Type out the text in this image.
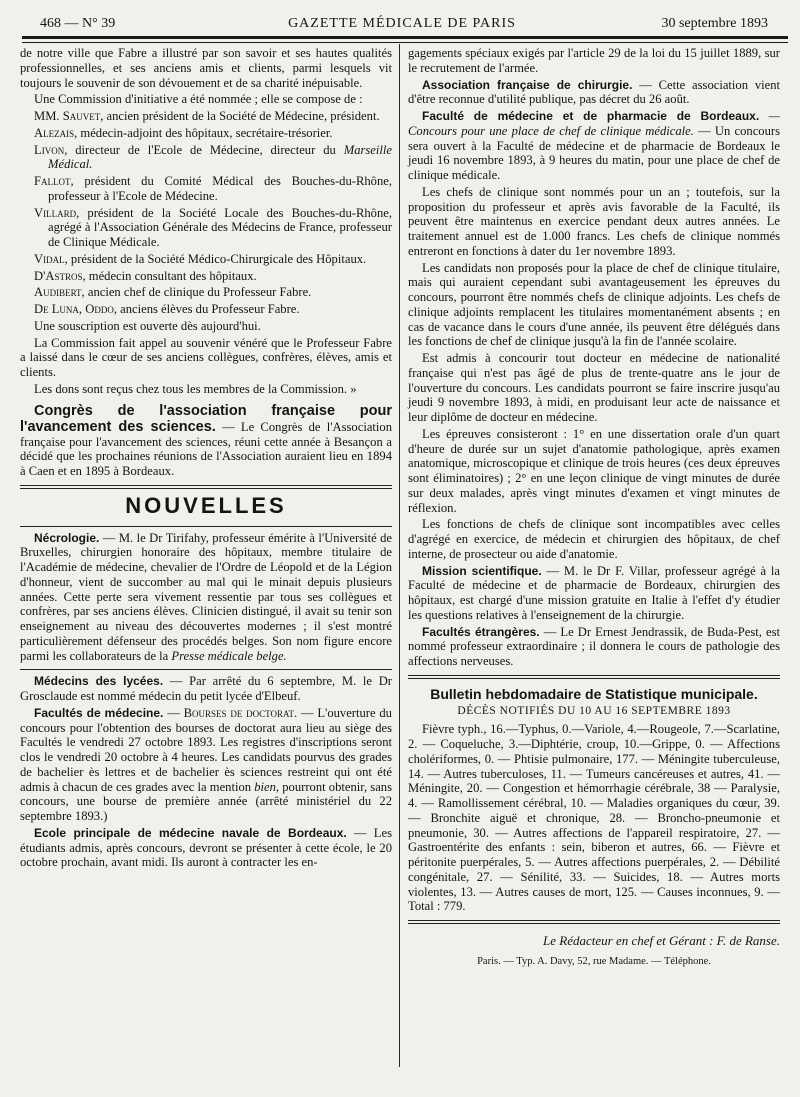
468 — N° 39	GAZETTE MÉDICALE DE PARIS	30 septembre 1893

de notre ville que Fabre a illustré par son savoir et ses hautes qualités professionnelles, et ses anciens amis et clients, parmi lesquels vit toujours le souvenir de son dévouement et de sa charité inépuisable.

Une Commission d'initiative a été nommée ; elle se compose de :

MM. Sauvet, ancien président de la Société de Médecine, président.

Alezais, médecin-adjoint des hôpitaux, secrétaire-trésorier.

Livon, directeur de l'Ecole de Médecine, directeur du Marseille Médical.

Fallot, président du Comité Médical des Bouches-du-Rhône, professeur à l'Ecole de Médecine.

Villard, président de la Société Locale des Bouches-du-Rhône, agrégé à l'Association Générale des Médecins de France, professeur de Clinique Médicale.

Vidal, président de la Société Médico-Chirurgicale des Hôpitaux.

D'Astros, médecin consultant des hôpitaux.

Audibert, ancien chef de clinique du Professeur Fabre.

De Luna, Oddo, anciens élèves du Professeur Fabre.

Une souscription est ouverte dès aujourd'hui.

La Commission fait appel au souvenir vénéré que le Professeur Fabre a laissé dans le cœur de ses anciens collègues, confrères, élèves, amis et clients.

Les dons sont reçus chez tous les membres de la Commission. »

Congrès de l'association française pour l'avancement des sciences. — Le Congrès de l'Association française pour l'avancement des sciences, réuni cette année à Besançon a décidé que les prochaines réunions de l'Association auraient lieu en 1894 à Caen et en 1895 à Bordeaux.

NOUVELLES

Nécrologie. — M. le Dr Tirifahy, professeur émérite à l'Université de Bruxelles, chirurgien honoraire des hôpitaux, membre titulaire de l'Académie de médecine, chevalier de l'Ordre de Léopold et de la Légion d'honneur, vient de succomber au mal qui le minait depuis plusieurs années. Cette perte sera vivement ressentie par tous ses collègues et confrères, par ses anciens élèves. Clinicien distingué, il avait su tenir son enseignement au niveau des découvertes modernes ; il s'est montré particulièrement défenseur des procédés belges. Son nom figure encore parmi les collaborateurs de la Presse médicale belge.

Médecins des lycées. — Par arrêté du 6 septembre, M. le Dr Grosclaude est nommé médecin du petit lycée d'Elbeuf.

Facultés de médecine. — Bourses de doctorat. — L'ouverture du concours pour l'obtention des bourses de doctorat aura lieu au siège des Facultés le vendredi 27 octobre 1893. Les registres d'inscriptions seront clos le vendredi 20 octobre à 4 heures. Les candidats pourvus des grades de bachelier ès lettres et de bachelier ès sciences restreint qui ont été admis à chacun de ces grades avec la mention bien, pourront obtenir, sans concours, une bourse de première année (arrêté ministériel du 22 septembre 1893.)

Ecole principale de médecine navale de Bordeaux. — Les étudiants admis, après concours, devront se présenter à cette école, le 20 octobre prochain, avant midi. Ils auront à contracter les en-

gagements spéciaux exigés par l'article 29 de la loi du 15 juillet 1889, sur le recrutement de l'armée.

Association française de chirurgie. — Cette association vient d'être reconnue d'utilité publique, pas décret du 26 août.

Faculté de médecine et de pharmacie de Bordeaux. — Concours pour une place de chef de clinique médicale. — Un concours sera ouvert à la Faculté de médecine et de pharmacie de Bordeaux le jeudi 16 novembre 1893, à 9 heures du matin, pour une place de chef de clinique médicale.

Les chefs de clinique sont nommés pour un an ; toutefois, sur la proposition du professeur et après avis favorable de la Faculté, ils peuvent être maintenus en exercice pendant deux autres années. Le traitement annuel est de 1.000 francs. Les chefs de clinique nommés entreront en fonctions à dater du 1er novembre 1893.

Les candidats non proposés pour la place de chef de clinique titulaire, mais qui auraient cependant subi avantageusement les épreuves du concours, pourront être nommés chefs de clinique adjoints. Les chefs de clinique adjoints remplacent les titulaires momentanément absents ; en cas de vacance dans le cours d'une année, ils peuvent être délégués dans les fonctions de chef de clinique jusqu'à la fin de l'année scolaire.

Est admis à concourir tout docteur en médecine de nationalité française qui n'est pas âgé de plus de trente-quatre ans le jour de l'ouverture du concours. Les candidats pourront se faire inscrire jusqu'au jeudi 9 novembre 1893, à midi, en produisant leur acte de naissance et leur diplôme de docteur en médecine.

Les épreuves consisteront : 1° en une dissertation orale d'un quart d'heure de durée sur un sujet d'anatomie pathologique, après examen anatomique, microscopique et clinique de trois heures (ces deux épreuves sont éliminatoires) ; 2° en une leçon clinique de vingt minutes de durée sur deux malades, après vingt minutes d'examen et vingt minutes de réflexion.

Les fonctions de chefs de clinique sont incompatibles avec celles d'agrégé en exercice, de médecin et chirurgien des hôpitaux, de chef interne, de prosecteur ou aide d'anatomie.

Mission scientifique. — M. le Dr F. Villar, professeur agrégé à la Faculté de médecine et de pharmacie de Bordeaux, chirurgien des hôpitaux, est chargé d'une mission gratuite en Italie à l'effet d'y étudier les questions relatives à l'enseignement de la chirurgie.

Facultés étrangères. — Le Dr Ernest Jendrassik, de Buda-Pest, est nommé professeur extraordinaire ; il donnera le cours de pathologie des affections nerveuses.

Bulletin hebdomadaire de Statistique municipale.
DÉCÈS NOTIFIÉS DU 10 AU 16 SEPTEMBRE 1893

Fièvre typh., 16.—Typhus, 0.—Variole, 4.—Rougeole, 7.—Scarlatine, 2. — Coqueluche, 3.—Diphtérie, croup, 10.—Grippe, 0. — Affections cholériformes, 0. — Phtisie pulmonaire, 177. — Méningite tuberculeuse, 14. — Autres tuberculoses, 11. — Tumeurs cancéreuses et autres, 41. — Méningite, 20. — Congestion et hémorrhagie cérébrale, 38 — Paralysie, 4. — Ramollissement cérébral, 10. — Maladies organiques du cœur, 39. — Bronchite aiguë et chronique, 28. — Broncho-pneumonie et pneumonie, 30. — Autres affections de l'appareil respiratoire, 27. — Gastroentérite des enfants : sein, biberon et autres, 66. — Fièvre et péritonite puerpérales, 5. — Autres affections puerpérales, 2. — Débilité congénitale, 27. — Sénilité, 33. — Suicides, 18. — Autres morts violentes, 13. — Autres causes de mort, 125. — Causes inconnues, 9. — Total : 779.

Le Rédacteur en chef et Gérant : F. de Ranse.
Paris. — Typ. A. Davy, 52, rue Madame. — Téléphone.
